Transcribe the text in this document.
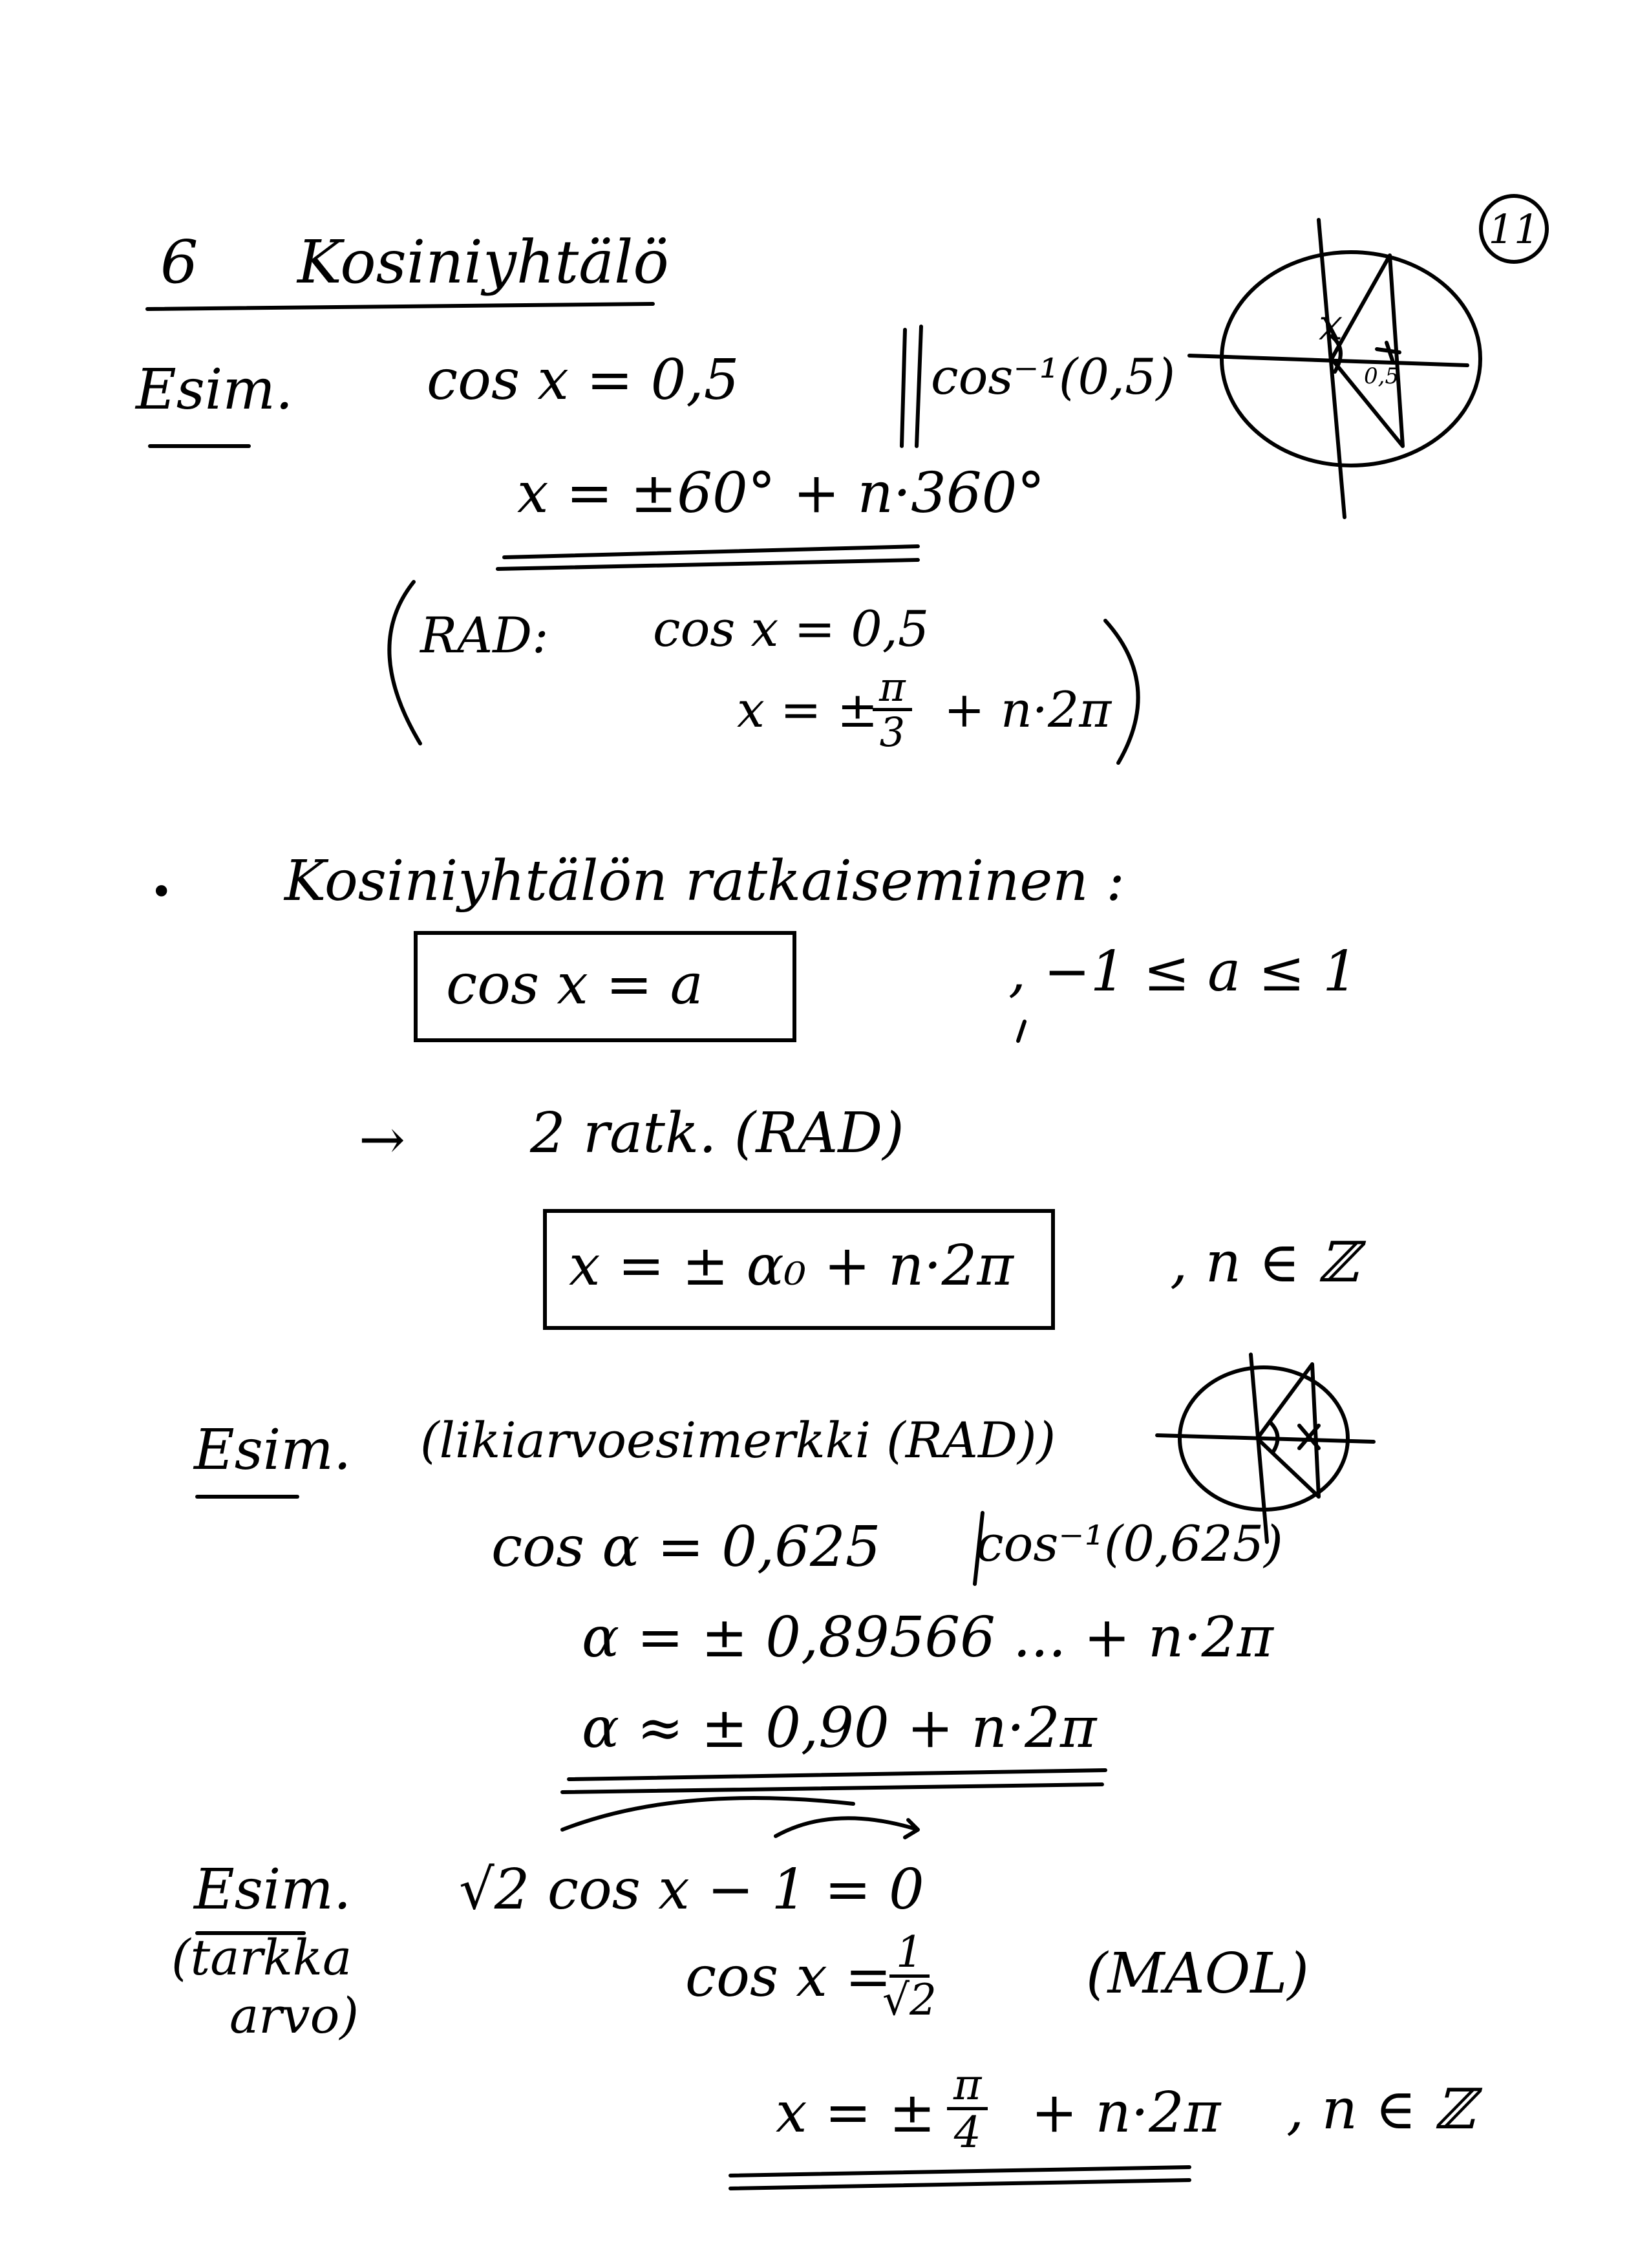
11
6 Kosiniyhtälö
Esim. cos x = 0,5	cos⁻¹(0,5)
x = ±60° + n·360°
RAD: cos x = 0,5
x = ±
$\frac{\pi}{3} + n\cdot 2\pi$
x
0,5
• Kosiniyhtälön ratkaiseminen :
cos x = a	, −1 ≤ a ≤ 1
→ 2 ratk. (RAD)
x = ± α₀ + n·2π	, n ∈ ℤ
Esim. (likiarvoesimerkki (RAD))
cos α = 0,625 cos⁻¹(0,625)
α = ± 0,89566 ... + n·2π
α ≈ ± 0,90 + n·2π
Esim.
(tarkka
arvo)
√2 cos x − 1 = 0
cos x =
$\frac{1}{√2}$	(MAOL)
x = ± $\frac{\pi}{4} + n\cdot 2\pi$ , n ∈ ℤ
